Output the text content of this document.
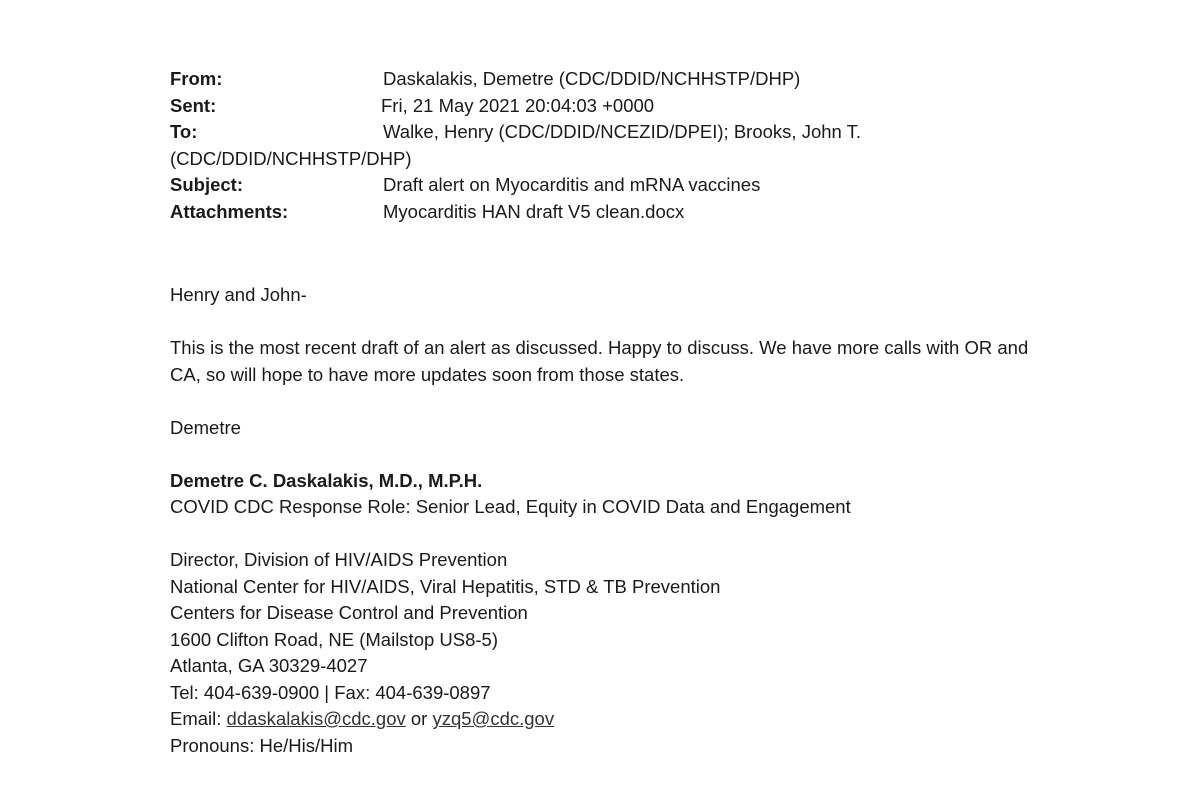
From:	Daskalakis, Demetre (CDC/DDID/NCHHSTP/DHP)
Sent:	Fri, 21 May 2021 20:04:03 +0000
To:	Walke, Henry (CDC/DDID/NCEZID/DPEI); Brooks, John T.
(CDC/DDID/NCHHSTP/DHP)
Subject:	Draft alert on Myocarditis and mRNA vaccines
Attachments:	Myocarditis HAN draft V5 clean.docx
Henry and John-
This is the most recent draft of an alert as discussed. Happy to discuss. We have more calls with OR and
CA, so will hope to have more updates soon from those states.
Demetre
Demetre C. Daskalakis, M.D., M.P.H.
COVID CDC Response Role: Senior Lead, Equity in COVID Data and Engagement
Director, Division of HIV/AIDS Prevention
National Center for HIV/AIDS, Viral Hepatitis, STD & TB Prevention
Centers for Disease Control and Prevention
1600 Clifton Road, NE (Mailstop US8-5)
Atlanta, GA 30329-4027
Tel: 404-639-0900 | Fax: 404-639-0897
Email: ddaskalakis@cdc.gov or yzq5@cdc.gov
Pronouns: He/His/Him
